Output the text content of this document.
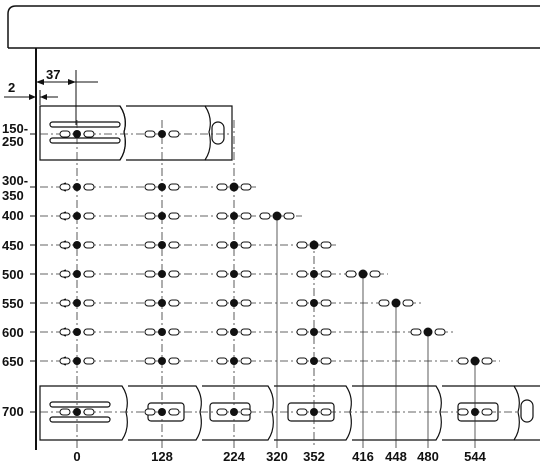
37
2
150-
250
300-
350
400
450
500
550
600
650
700
0	128	224 320 352 416 448 480 544
